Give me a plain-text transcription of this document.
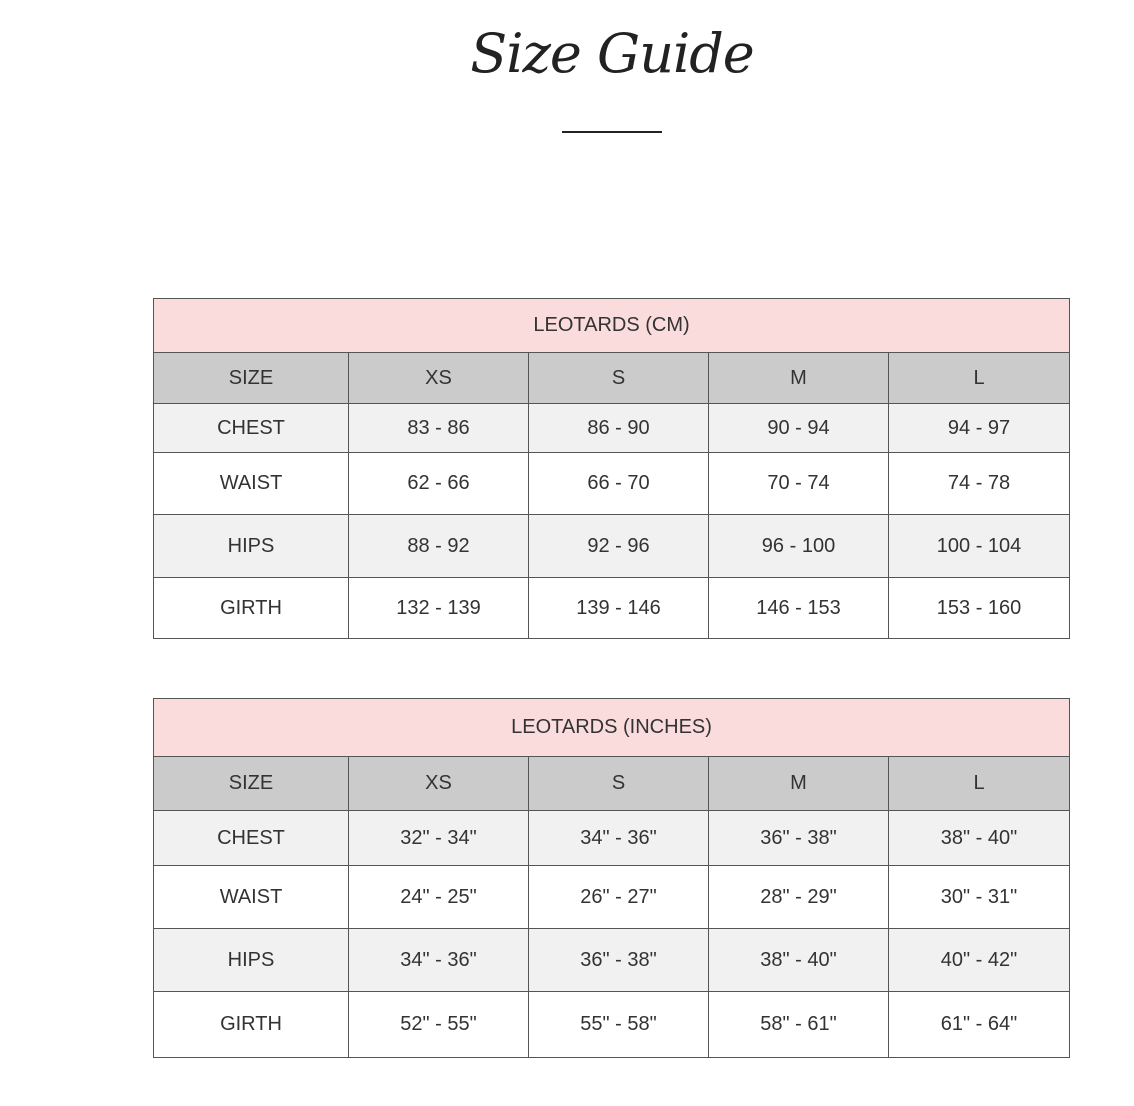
Size Guide
LEOTARDS (CM)				
SIZE	XS	S	M	L
CHEST	83 - 86	86 - 90	90 - 94	94 - 97
WAIST	62 - 66	66 - 70	70 - 74	74 - 78
HIPS	88 - 92	92 - 96	96 - 100	100 - 104
GIRTH	132 - 139	139 - 146	146 - 153	153 - 160
LEOTARDS (INCHES)				
SIZE	XS	S	M	L
CHEST	32" - 34"	34" - 36"	36" - 38"	38" - 40"
WAIST	24" - 25"	26" - 27"	28" - 29"	30" - 31"
HIPS	34" - 36"	36" - 38"	38" - 40"	40" - 42"
GIRTH	52" - 55"	55" - 58"	58" - 61"	61" - 64"
